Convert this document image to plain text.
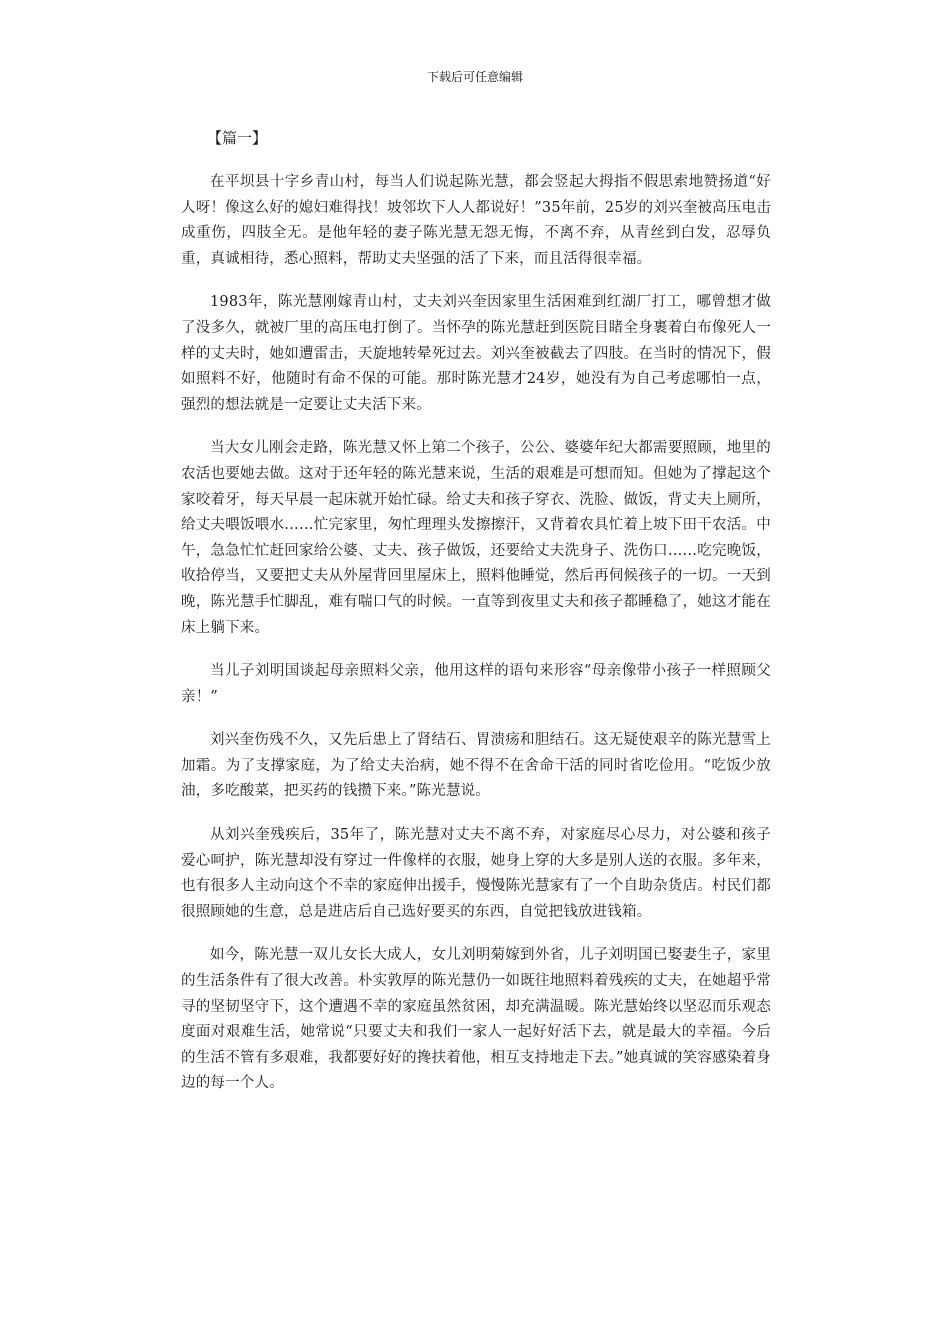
下载后可任意编辑
【篇一】

在平坝县十字乡青山村，每当人们说起陈光慧，都会竖起大拇指不假思索地赞扬道“好人呀！像这么好的媳妇难得找！坡邻坎下人人都说好！”35年前，25岁的刘兴奎被高压电击成重伤，四肢全无。是他年轻的妻子陈光慧无怨无悔，不离不弃，从青丝到白发，忍辱负重，真诚相待，悉心照料，帮助丈夫坚强的活了下来，而且活得很幸福。

1983年，陈光慧刚嫁青山村，丈夫刘兴奎因家里生活困难到红湖厂打工，哪曾想才做了没多久，就被厂里的高压电打倒了。当怀孕的陈光慧赶到医院目睹全身裹着白布像死人一样的丈夫时，她如遭雷击，天旋地转晕死过去。刘兴奎被截去了四肢。在当时的情况下，假如照料不好，他随时有命不保的可能。那时陈光慧才24岁，她没有为自己考虑哪怕一点，强烈的想法就是一定要让丈夫活下来。

当大女儿刚会走路，陈光慧又怀上第二个孩子，公公、婆婆年纪大都需要照顾，地里的农活也要她去做。这对于还年轻的陈光慧来说，生活的艰难是可想而知。但她为了撑起这个家咬着牙，每天早晨一起床就开始忙碌。给丈夫和孩子穿衣、洗脸、做饭，背丈夫上厕所，给丈夫喂饭喂水……忙完家里，匆忙理理头发擦擦汗，又背着农具忙着上坡下田干农活。中午，急急忙忙赶回家给公婆、丈夫、孩子做饭，还要给丈夫洗身子、洗伤口……吃完晚饭，收拾停当，又要把丈夫从外屋背回里屋床上，照料他睡觉，然后再伺候孩子的一切。一天到晚，陈光慧手忙脚乱，难有喘口气的时候。一直等到夜里丈夫和孩子都睡稳了，她这才能在床上躺下来。

当儿子刘明国谈起母亲照料父亲，他用这样的语句来形容“母亲像带小孩子一样照顾父亲！”

刘兴奎伤残不久，又先后患上了肾结石、胃溃疡和胆结石。这无疑使艰辛的陈光慧雪上加霜。为了支撑家庭，为了给丈夫治病，她不得不在舍命干活的同时省吃俭用。“吃饭少放油，多吃酸菜，把买药的钱攒下来。”陈光慧说。

从刘兴奎残疾后，35年了，陈光慧对丈夫不离不弃，对家庭尽心尽力，对公婆和孩子爱心呵护，陈光慧却没有穿过一件像样的衣服，她身上穿的大多是别人送的衣服。多年来，也有很多人主动向这个不幸的家庭伸出援手，慢慢陈光慧家有了一个自助杂货店。村民们都很照顾她的生意，总是进店后自己选好要买的东西，自觉把钱放进钱箱。

如今，陈光慧一双儿女长大成人，女儿刘明菊嫁到外省，儿子刘明国已娶妻生子，家里的生活条件有了很大改善。朴实敦厚的陈光慧仍一如既往地照料着残疾的丈夫，在她超乎常寻的坚韧坚守下，这个遭遇不幸的家庭虽然贫困，却充满温暖。陈光慧始终以坚忍而乐观态度面对艰难生活，她常说“只要丈夫和我们一家人一起好好活下去，就是最大的幸福。今后的生活不管有多艰难，我都要好好的搀扶着他，相互支持地走下去。”她真诚的笑容感染着身边的每一个人。
